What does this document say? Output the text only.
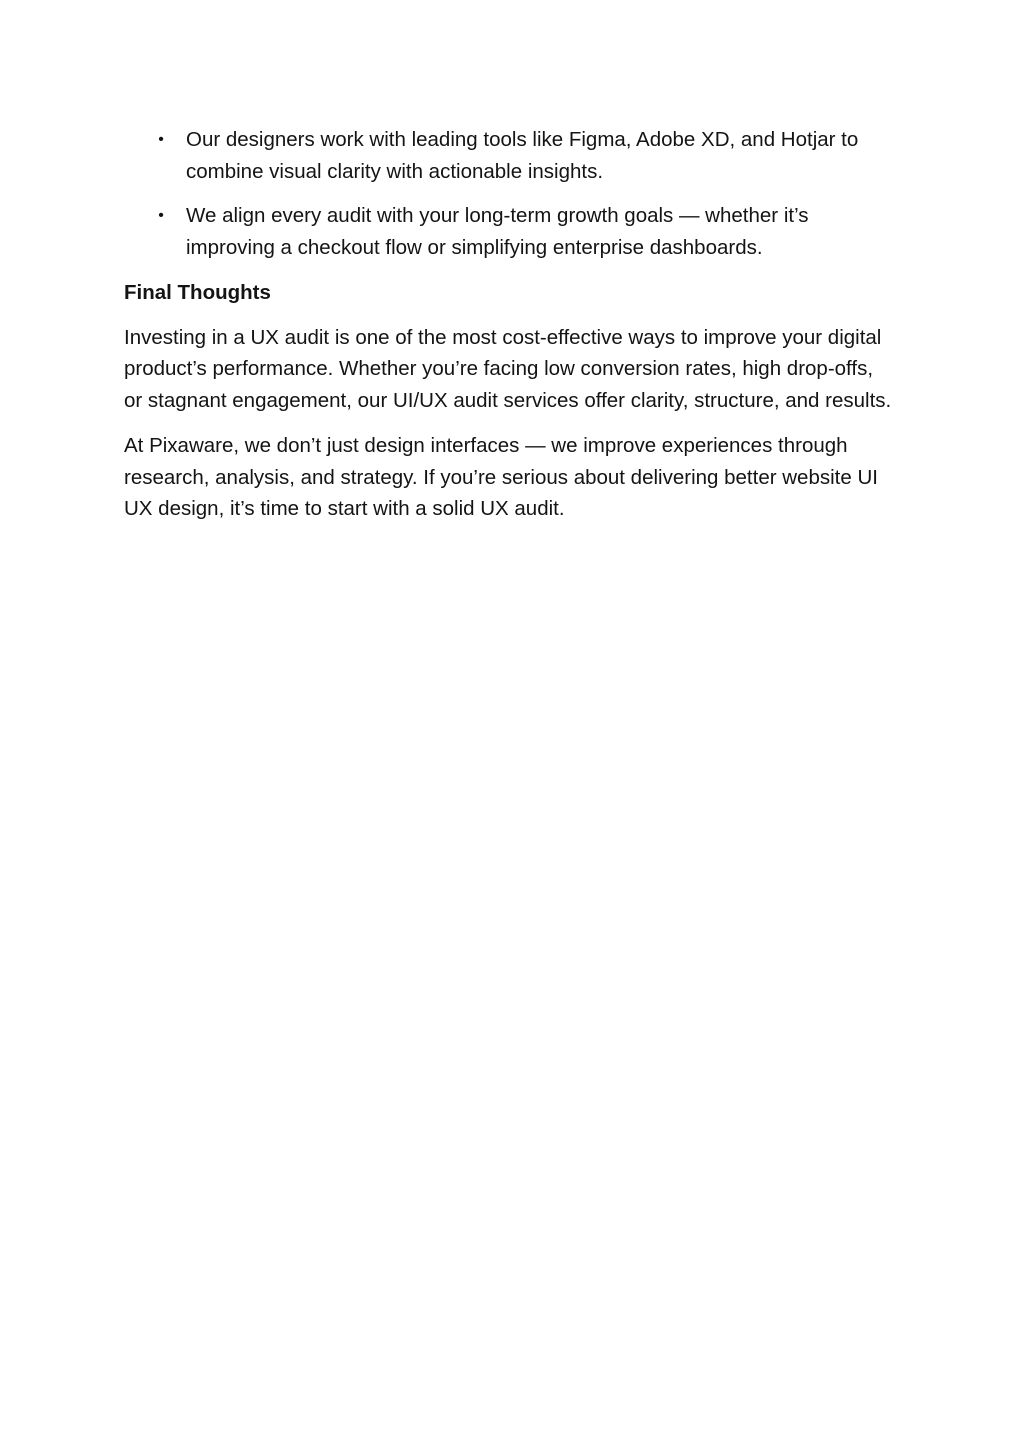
• Our designers work with leading tools like Figma, Adobe XD, and Hotjar to combine visual clarity with actionable insights.
• We align every audit with your long-term growth goals — whether it’s improving a checkout flow or simplifying enterprise dashboards.
Final Thoughts

Investing in a UX audit is one of the most cost-effective ways to improve your digital product’s performance. Whether you’re facing low conversion rates, high drop-offs, or stagnant engagement, our UI/UX audit services offer clarity, structure, and results.

At Pixaware, we don’t just design interfaces — we improve experiences through research, analysis, and strategy. If you’re serious about delivering better website UI UX design, it’s time to start with a solid UX audit.
